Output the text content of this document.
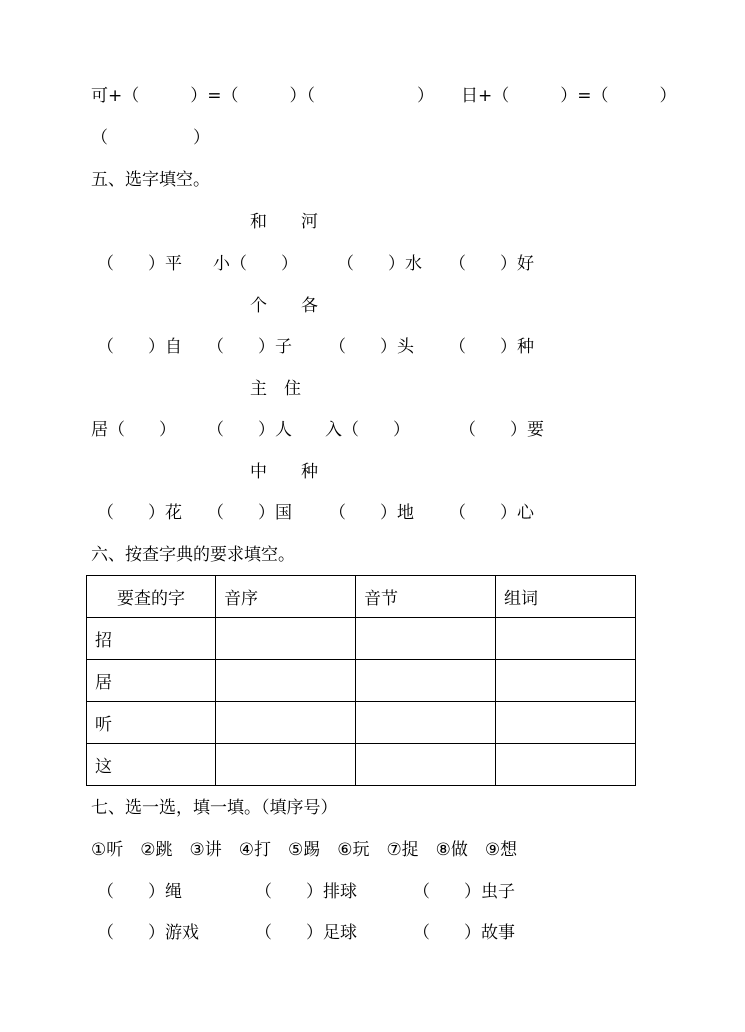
可+（　　　）=（　　　）（　　　　　　） 日+（　　　）=（　　　）
（　　　　　）
五、选字填空。
和　　河
（　　）平 小（　　） （　　）水 （　　）好
个　　各
（　　）自 （　　）子 （　　）头 （　　）种
主　住
居（　　） （　　）人 入（　　）	（　　）要
中　　种
（　　）花 （　　）国 （　　）地 （　　）心
六、按查字典的要求填空。
要查的字	音序	音节	组词
招			
居			
听			
这			
七、选一选，填一填。（填序号）
①听　②跳　③讲　④打　⑤踢　⑥玩　⑦捉　⑧做　⑨想
（　　）绳	（　　）排球	（　　）虫子
（　　）游戏	（　　）足球	（　　）故事
